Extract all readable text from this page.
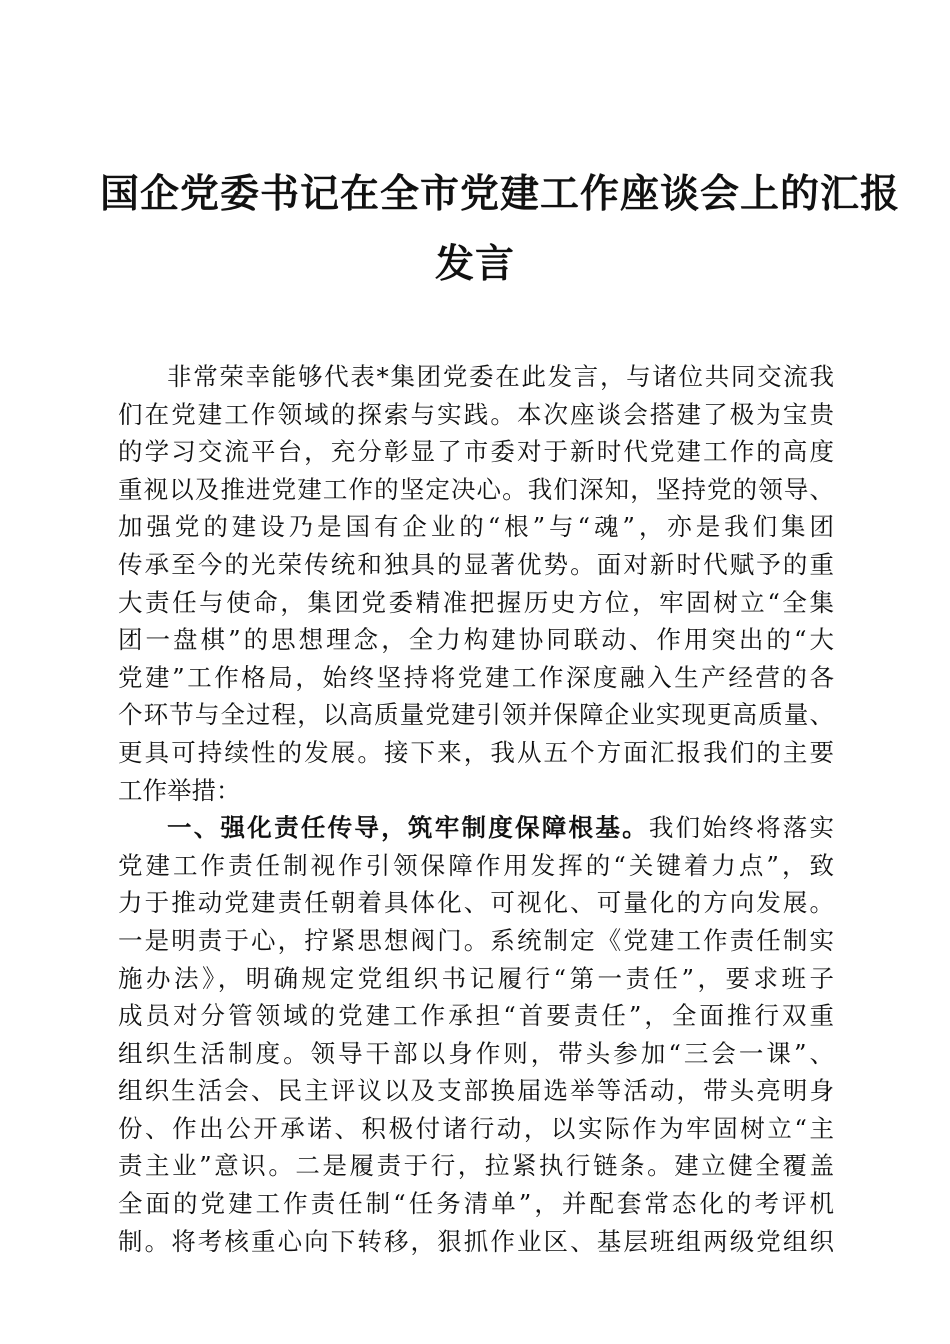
国企党委书记在全市党建工作座谈会上的汇报
发言
非常荣幸能够代表*集团党委在此发言，与诸位共同交流我
们在党建工作领域的探索与实践。本次座谈会搭建了极为宝贵
的学习交流平台，充分彰显了市委对于新时代党建工作的高度
重视以及推进党建工作的坚定决心。我们深知，坚持党的领导、
加强党的建设乃是国有企业的“根”与“魂”，亦是我们集团
传承至今的光荣传统和独具的显著优势。面对新时代赋予的重
大责任与使命，集团党委精准把握历史方位，牢固树立“全集
团一盘棋”的思想理念，全力构建协同联动、作用突出的“大
党建”工作格局，始终坚持将党建工作深度融入生产经营的各
个环节与全过程，以高质量党建引领并保障企业实现更高质量、
更具可持续性的发展。接下来，我从五个方面汇报我们的主要
工作举措：
一、强化责任传导，筑牢制度保障根基。我们始终将落实
党建工作责任制视作引领保障作用发挥的“关键着力点”，致
力于推动党建责任朝着具体化、可视化、可量化的方向发展。
一是明责于心，拧紧思想阀门。系统制定《党建工作责任制实
施办法》，明确规定党组织书记履行“第一责任”，要求班子
成员对分管领域的党建工作承担“首要责任”，全面推行双重
组织生活制度。领导干部以身作则，带头参加“三会一课”、
组织生活会、民主评议以及支部换届选举等活动，带头亮明身
份、作出公开承诺、积极付诸行动，以实际作为牢固树立“主
责主业”意识。二是履责于行，拉紧执行链条。建立健全覆盖
全面的党建工作责任制“任务清单”，并配套常态化的考评机
制。将考核重心向下转移，狠抓作业区、基层班组两级党组织
